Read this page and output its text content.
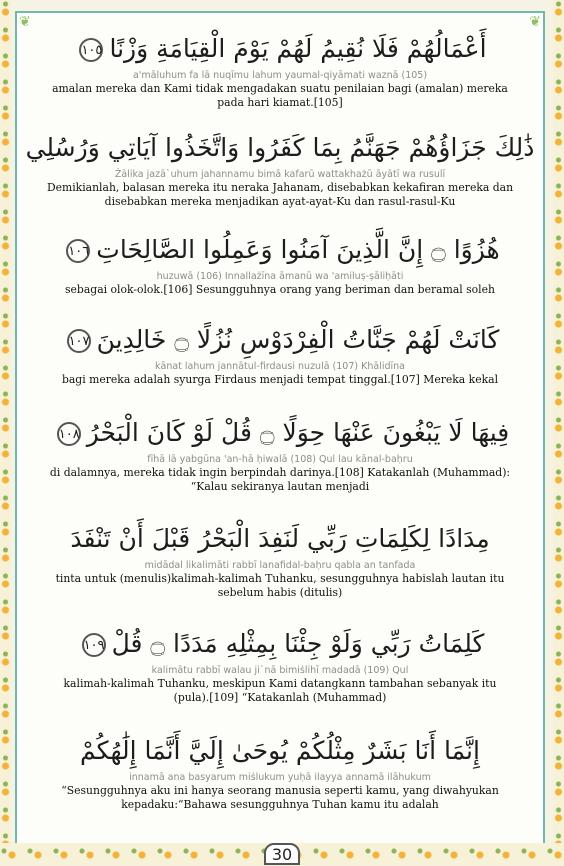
❦	❦
أَعْمَالُهُمْ فَلَا نُقِيمُ لَهُمْ يَوْمَ الْقِيَامَةِ وَزْنًا١٠٥
a'māluhum fa lā nuqīmu lahum yaumal-qiyāmati waznā (105)
amalan mereka dan Kami tidak mengadakan suatu penilaian bagi (amalan) mereka pada hari kiamat.[105]
ذَٰلِكَ جَزَاؤُهُمْ جَهَنَّمُ بِمَا كَفَرُوا وَاتَّخَذُوا آيَاتِي وَرُسُلِي
Żālika jazā`uhum jahannamu bimā kafarū wattakhażū āyātī wa rusulī
Demikianlah, balasan mereka itu neraka Jahanam, disebabkan kekafiran mereka dan disebabkan mereka menjadikan ayat-ayat-Ku dan rasul-rasul-Ku
هُزُوًا ۝ إِنَّ الَّذِينَ آمَنُوا وَعَمِلُوا الصَّالِحَاتِ١٠٦
huzuwā (106) Innallażīna āmanū wa 'amiluṣ-ṣāliḥāti
sebagai olok-olok.[106] Sesungguhnya orang yang beriman dan beramal soleh
كَانَتْ لَهُمْ جَنَّاتُ الْفِرْدَوْسِ نُزُلًا ۝ خَالِدِينَ١٠٧
kānat lahum jannātul-firdausi nuzulā (107) Khālidīna
bagi mereka adalah syurga Firdaus menjadi tempat tinggal.[107] Mereka kekal
فِيهَا لَا يَبْغُونَ عَنْهَا حِوَلًا ۝ قُلْ لَوْ كَانَ الْبَحْرُ١٠٨
fīhā lā yabgūna 'an-hā ḥiwalā (108) Qul lau kānal-baḥru
di dalamnya, mereka tidak ingin berpindah darinya.[108] Katakanlah (Muhammad): “Kalau sekiranya lautan menjadi
مِدَادًا لِكَلِمَاتِ رَبِّي لَنَفِدَ الْبَحْرُ قَبْلَ أَنْ تَنْفَدَ
midādal likalimāti rabbī lanafidal-baḥru qabla an tanfada
tinta untuk (menulis)kalimah-kalimah Tuhanku, sesungguhnya habislah lautan itu sebelum habis (ditulis)
كَلِمَاتُ رَبِّي وَلَوْ جِئْنَا بِمِثْلِهِ مَدَدًا ۝ قُلْ١٠٩
kalimātu rabbī walau ji`nā bimiṡlihī madadā (109) Qul
kalimah-kalimah Tuhanku, meskipun Kami datangkann tambahan sebanyak itu (pula).[109] “Katakanlah (Muhammad)
إِنَّمَا أَنَا بَشَرٌ مِثْلُكُمْ يُوحَىٰ إِلَيَّ أَنَّمَا إِلَٰهُكُمْ
innamā ana basyarum miṡlukum yuḥā ilayya annamā ilāhukum
“Sesungguhnya aku ini hanya seorang manusia seperti kamu, yang diwahyukan kepadaku:“Bahawa sesungguhnya Tuhan kamu itu adalah
30
